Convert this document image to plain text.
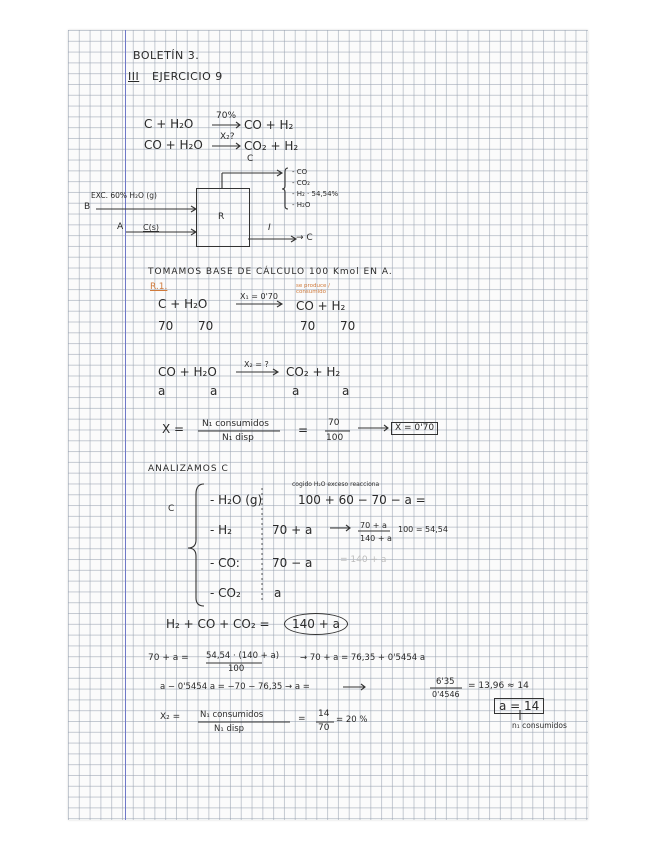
BOLETÍN 3.
III EJERCICIO 9
C + H₂O
70%
CO + H₂
CO + H₂O
X₂?
CO₂ + H₂
R
B
EXC. 60% H₂O (g)
A C(s)
C
- CO
- CO₂
- H₂ · 54,54%
- H₂O
I
→ C
TOMAMOS BASE DE CÁLCULO 100 Kmol EN A.
R.1.
C + H₂O
X₁ = 0'70
se produce / consumido
CO + H₂
70 70	70 70
CO + H₂O
X₂ = ?
CO₂ + H₂
a	a	a	a
X = N₁ consumidos
N₁ disp
= 70
100
X = 0'70
ANALIZAMOS C
C
cogido H₂O exceso reacciona
- H₂O (g)	100 + 60 − 70 − a =
- H₂	70 + a	70 + a
140 + a
100 = 54,54
- CO:	70 − a	= 140 + a
- CO₂	a
H₂ + CO + CO₂ =	140 + a
70 + a = 54,54 · (140 + a)
100
→ 70 + a = 76,35 + 0'5454 a
a − 0'5454 a = −70 − 76,35 → a =	6'35
0'4546
= 13,96 ≈ 14
X₂ = N₁ consumidos
N₁ disp
= 14
70
= 20 %
a = 14
n₁ consumidos
